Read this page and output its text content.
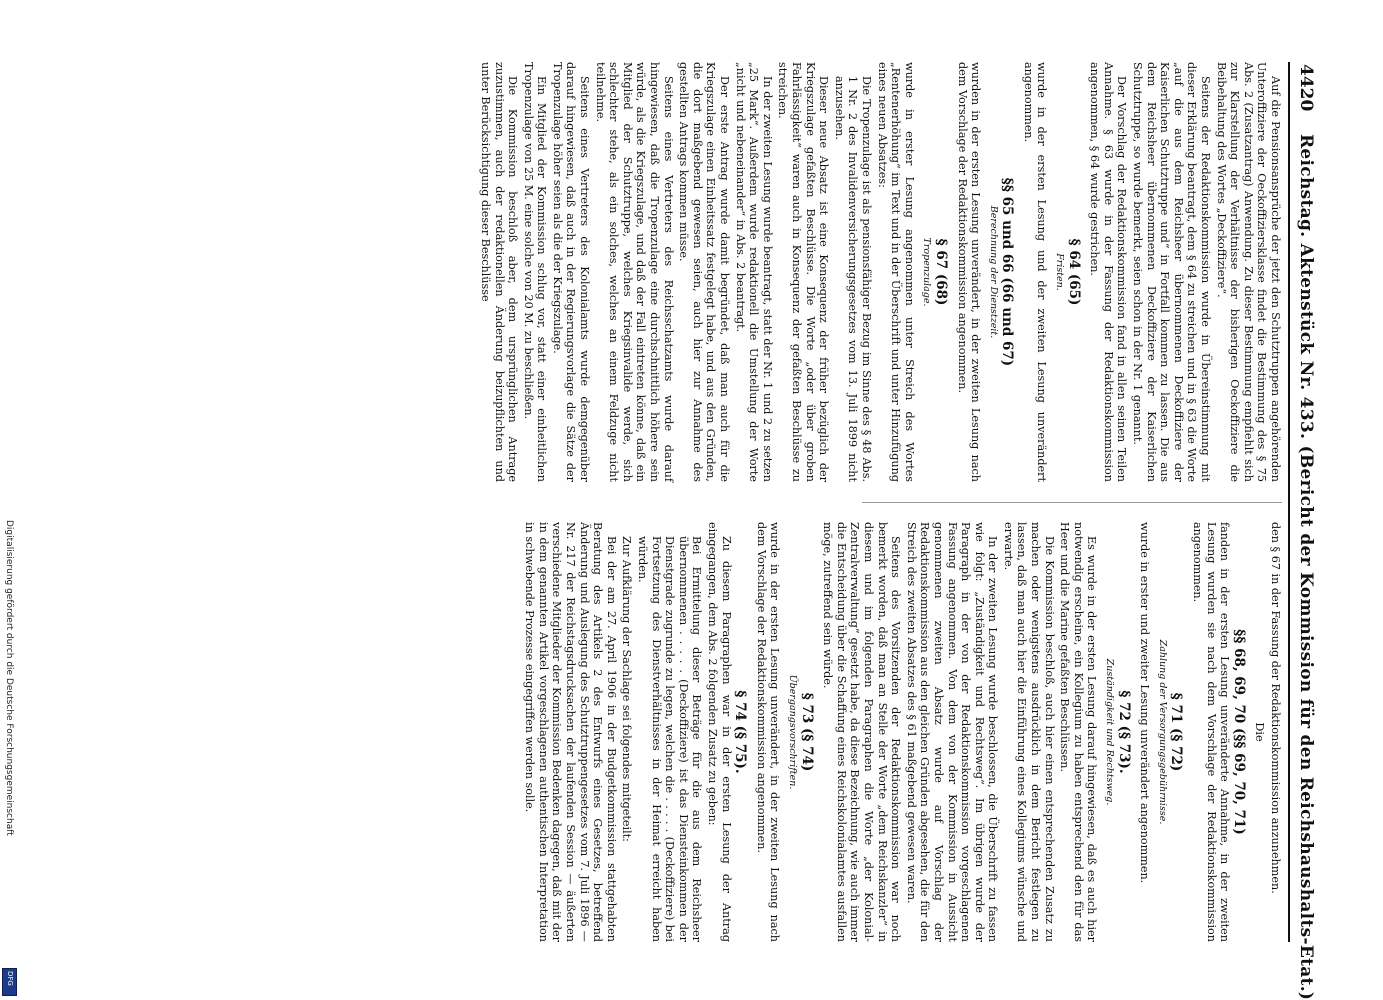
4420
Reichstag. Aktenstück Nr. 433. (Bericht der Kommission für den Reichshaushalts-Etat.)

Auf die Pensionsansprüche der jetzt den Schutztruppen angehörenden Unteroffiziere der Oeckoffiziersklasse findet die Bestimmung des § 75 Abs. 2 (Zusatzantrag) Anwendung. Zu dieser Bestimmung empfiehlt sich zur Klarstellung der Verhältnisse der bisherigen Oeckoffiziere die Beibehaltung des Wortes „Deckoffiziere“.

Seitens der Redaktionskommission wurde in Übereinstimmung mit dieser Erklärung beantragt, dem § 64 zu streichen und in § 63 die Worte „auf die aus dem Reichsheer übernommenen Deckoffiziere der Kaiserlichen Schutztruppe und“ in Fortfall kommen zu lassen. Die aus dem Reichsheer übernommenen Deckoffiziere der Kaiserlichen Schutztruppe, so wurde bemerkt, seien schon in der Nr. 1 genannt.

Der Vorschlag der Redaktionskommission fand in allen seinen Teilen Annahme. § 63 wurde in der Fassung der Redaktionskommission angenommen, § 64 wurde gestrichen.

§ 64 (65)
Fristen.

wurde in der ersten Lesung und der zweiten Lesung unverändert angenommen.

§§ 65 und 66 (66 und 67)
Berechnung der Dienstzeit.

wurden in der ersten Lesung unverändert, in der zweiten Lesung nach dem Vorschlage der Redaktionskommission angenommen.

§ 67 (68)
Tropenzulage.

wurde in erster Lesung angenommen unter Streich des Wortes „Rentenerhöhung“ im Text und in der Überschrift und unter Hinzufügung eines neuen Absatzes:

Die Tropenzulage ist als pensionsfähiger Bezug im Sinne des § 48 Abs. 1 Nr. 2 des Invalidenversicherungsgesetzes vom 13. Juli 1899 nicht anzusehen.

Dieser neue Absatz ist eine Konsequenz der früher bezüglich der Kriegszulage gefaßten Beschlüsse. Die Worte „oder über groben Fahrlässigkeit“ waren auch in Konsequenz der gefaßten Beschlüsse zu streichen.

In der zweiten Lesung wurde beantragt, statt der Nr. 1 und 2 zu setzen „25 Mark“. Außerdem wurde redaktionell die Umstellung der Worte „nicht und nebeneinander“ in Abs. 2 beantragt.

Der erste Antrag wurde damit begründet, daß man auch für die Kriegszulage einen Einheitssatz festgelegt habe, und aus den Gründen, die dort maßgebend gewesen seien, auch hier zur Annahme des gestellten Antrags kommen müsse.

Seitens eines Vertreters des Reichsschatzamts wurde darauf hingewiesen, daß die Tropenzulage eine durchschnittlich höhere sein würde, als die Kriegszulage, und daß der Fall eintreten könne, daß ein Mitglied der Schutztruppe, welches Kriegsinvalide werde, sich schlechter stehe, als ein solches, welches an einem Feldzuge nicht teilnehme.

Seitens eines Vertreters des Kolonialamts wurde demgegenüber darauf hingewiesen, daß auch in der Regierungsvorlage die Sätze der Tropenzulage höher seien als die der Kriegszulage.

Ein Mitglied der Kommission schlug vor, statt einer einheitlichen Tropenzulage von 25 M. eine solche von 20 M. zu beschließen.

Die Kommission beschloß aber, dem ursprünglichen Antrage zuzustimmen, auch der redaktionellen Änderung beizupflichten und unter Berücksichtigung dieser Beschlüsse

den § 67 in der Fassung der Redaktionskommission anzunehmen.

Die

§§ 68, 69, 70 (§§ 69, 70, 71)

fanden in der ersten Lesung unveränderte Annahme, in der zweiten Lesung wurden sie nach dem Vorschlage der Redaktionskommission angenommen.

§ 71 (§ 72)
Zahlung der Versorgungsgebührnisse.

wurde in erster und zweiter Lesung unverändert angenommen.

§ 72 (§ 73).
Zuständigkeit und Rechtsweg.

Es wurde in der ersten Lesung darauf hingewiesen, daß es auch hier notwendig erscheine, ein Kollegium zu haben entsprechend den für das Heer und die Marine gefaßten Beschlüssen.

Die Kommission beschloß, auch hier einen entsprechenden Zusatz zu machen oder wenigstens ausdrücklich in dem Bericht festlegen zu lassen, daß man auch hier die Einführung eines Kollegiums wünsche und erwarte.

In der zweiten Lesung wurde beschlossen, die Überschrift zu fassen wie folgt: „Zuständigkeit und Rechtsweg“. Im übrigen wurde der Paragraph in der von der Redaktionskommission vorgeschlagenen Fassung angenommen. Von dem von der Kommission in Aussicht genommenen zweiten Absatz wurde auf Vorschlag der Redaktionskommission aus den gleichen Gründen abgesehen, die für den Streich des zweiten Absatzes des § 61 maßgebend gewesen waren.

Seitens des Vorsitzenden der Redaktionskommission war noch bemerkt worden, daß man an Stelle der Worte „dem Reichskanzler“ in diesem und im folgenden Paragraphen die Worte „der Kolonial-Zentralverwaltung“ gesetzt habe, da diese Bezeichnung, wie auch immer die Entscheidung über die Schaffung eines Reichskolonialamtes ausfallen möge, zutreffend sein würde.

§ 73 (§ 74)
Übergangsvorschriften.

wurde in der ersten Lesung unverändert, in der zweiten Lesung nach dem Vorschlage der Redaktionskommission angenommen.

§ 74 (§ 75).

Zu diesem Paragraphen war in der ersten Lesung der Antrag eingegangen, dem Abs. 2 folgenden Zusatz zu geben:

Bei Ermittelung dieser Beträge für die aus dem Reichsheer übernommenen . . . . . (Deckoffiziere) ist das Diensteinkommen der Dienstgrade zugrunde zu legen, welchen die . . . . . (Deckoffiziere) bei Fortsetzung des Dienstverhältnisses in der Heimat erreicht haben würden.

Zur Aufklärung der Sachlage sei folgendes mitgeteilt:

Bei der am 27. April 1906 in der Budgetkommission stattgehabten Beratung des Artikels 2 des Entwurfs eines Gesetzes, betreffend Änderung und Auslegung des Schutztruppengesetzes vom 7. Juli 1896 — Nr. 217 der Reichstagsdrucksachen der laufenden Session — äußerten verschiedene Mitglieder der Kommission Bedenken dagegen, daß mit der in dem genannten Artikel vorgeschlagenen authentischen Interpretation in schwebende Prozesse eingegriffen werden solle.

Digitalisierung gefördert durch die Deutsche Forschungsgemeinschaft
DFG
